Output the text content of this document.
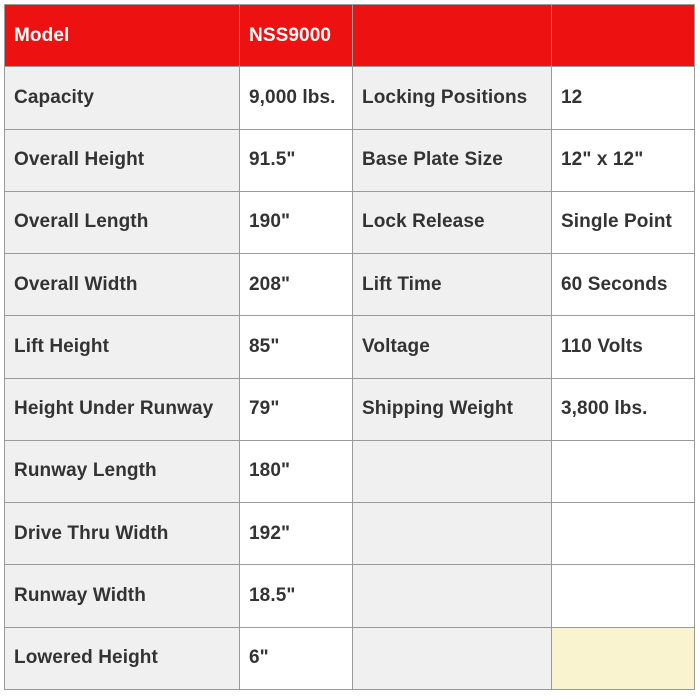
Model	NSS9000		
Capacity	9,000 lbs.	Locking Positions	12
Overall Height	91.5"	Base Plate Size	12" x 12"
Overall Length	190"	Lock Release	Single Point
Overall Width	208"	Lift Time	60 Seconds
Lift Height	85"	Voltage	110 Volts
Height Under Runway	79"	Shipping Weight	3,800 lbs.
Runway Length	180"		
Drive Thru Width	192"		
Runway Width	18.5"		
Lowered Height	6"		
